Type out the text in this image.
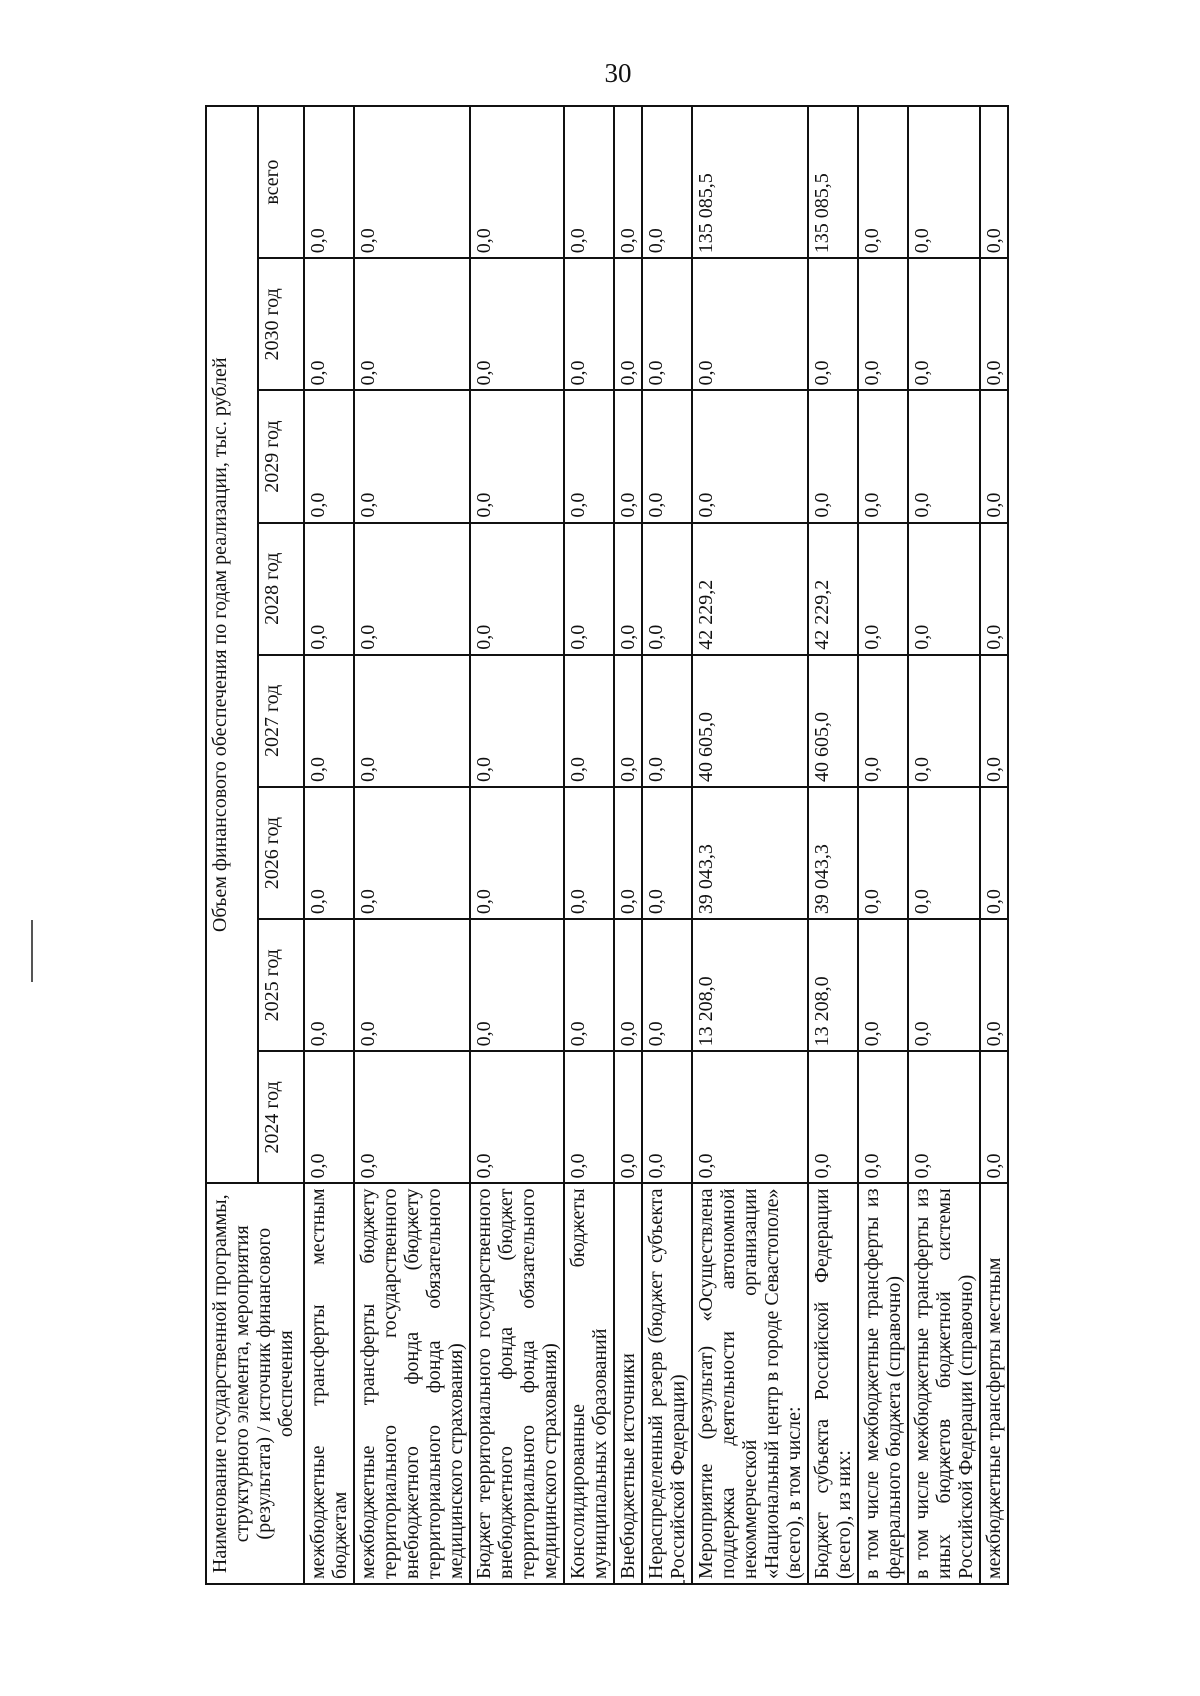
30
Наименование государственной программы, структурного элемента, мероприятия (результата) / источник финансового обеспечения	Объем финансового обеспечения по годам реализации, тыс. рублей							
	2024 год	2025 год	2026 год	2027 год	2028 год	2029 год	2030 год	всего
межбюджетные трансферты местным бюджетам	0,0	0,0	0,0	0,0	0,0	0,0	0,0	0,0
межбюджетные трансферты бюджету территориального государственного внебюджетного фонда (бюджету территориального фонда обязательного медицинского страхования)	0,0	0,0	0,0	0,0	0,0	0,0	0,0	0,0
Бюджет территориального государственного внебюджетного фонда (бюджет территориального фонда обязательного медицинского страхования)	0,0	0,0	0,0	0,0	0,0	0,0	0,0	0,0
Консолидированные бюджеты муниципальных образований	0,0	0,0	0,0	0,0	0,0	0,0	0,0	0,0
Внебюджетные источники	0,0	0,0	0,0	0,0	0,0	0,0	0,0	0,0
Нераспределенный резерв (бюджет субъекта Российской Федерации)	0,0	0,0	0,0	0,0	0,0	0,0	0,0	0,0
Мероприятие (результат) «Осуществлена поддержка деятельности автономной некоммерческой организации «Национальный центр в городе Севастополе» (всего), в том числе:	0,0	13 208,0	39 043,3	40 605,0	42 229,2	0,0	0,0	135 085,5
Бюджет субъекта Российской Федерации (всего), из них:	0,0	13 208,0	39 043,3	40 605,0	42 229,2	0,0	0,0	135 085,5
в том числе межбюджетные трансферты из федерального бюджета (справочно)	0,0	0,0	0,0	0,0	0,0	0,0	0,0	0,0
в том числе межбюджетные трансферты из иных бюджетов бюджетной системы Российской Федерации (справочно)	0,0	0,0	0,0	0,0	0,0	0,0	0,0	0,0
межбюджетные трансферты местным	0,0	0,0	0,0	0,0	0,0	0,0	0,0	0,0
